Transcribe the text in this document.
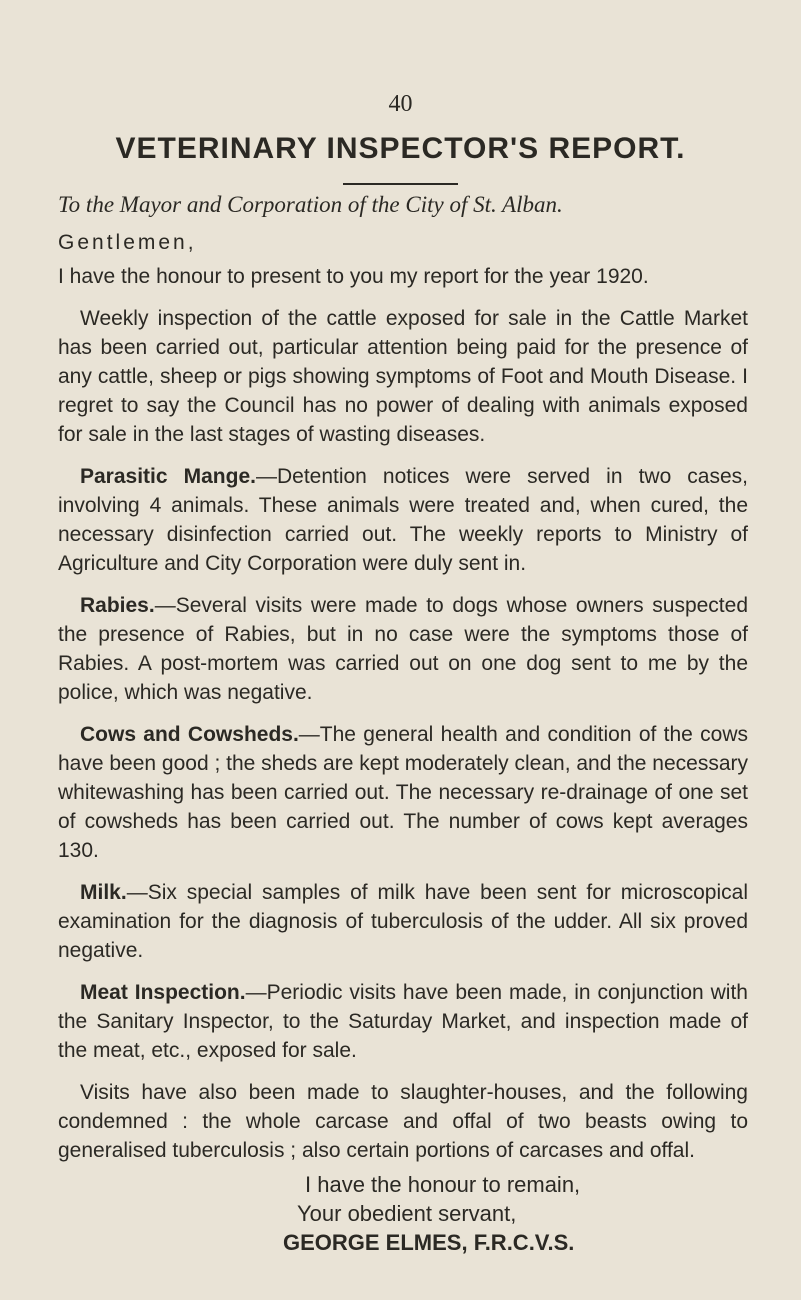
40
VETERINARY INSPECTOR'S REPORT.
To the Mayor and Corporation of the City of St. Alban.
Gentlemen,

I have the honour to present to you my report for the year 1920.

Weekly inspection of the cattle exposed for sale in the Cattle Market has been carried out, particular attention being paid for the presence of any cattle, sheep or pigs showing symptoms of Foot and Mouth Disease. I regret to say the Council has no power of dealing with animals exposed for sale in the last stages of wasting diseases.

Parasitic Mange.—Detention notices were served in two cases, involving 4 animals. These animals were treated and, when cured, the necessary disinfection carried out. The weekly reports to Ministry of Agriculture and City Corporation were duly sent in.

Rabies.—Several visits were made to dogs whose owners suspected the presence of Rabies, but in no case were the symptoms those of Rabies. A post-mortem was carried out on one dog sent to me by the police, which was negative.

Cows and Cowsheds.—The general health and condition of the cows have been good ; the sheds are kept moderately clean, and the necessary whitewashing has been carried out. The necessary re-drainage of one set of cowsheds has been carried out. The number of cows kept averages 130.

Milk.—Six special samples of milk have been sent for microscopical examination for the diagnosis of tuberculosis of the udder. All six proved negative.

Meat Inspection.—Periodic visits have been made, in conjunction with the Sanitary Inspector, to the Saturday Market, and inspection made of the meat, etc., exposed for sale.

Visits have also been made to slaughter-houses, and the following condemned : the whole carcase and offal of two beasts owing to generalised tuberculosis ; also certain portions of carcases and offal.

I have the honour to remain,
Your obedient servant,
GEORGE ELMES, F.R.C.V.S.
